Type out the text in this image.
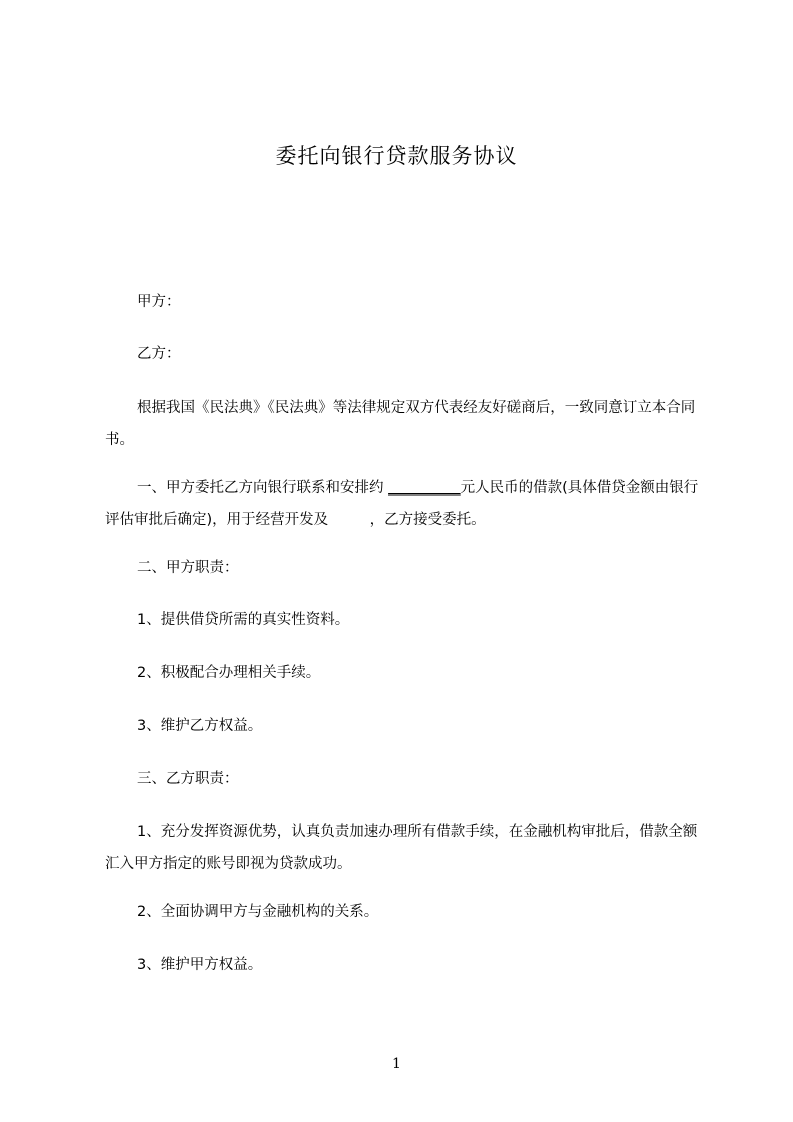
委托向银行贷款服务协议

甲方：

乙方：

根据我国《民法典》《民法典》等法律规定双方代表经友好磋商后，一致同意订立本合同书。

一、甲方委托乙方向银行联系和安排约 __________元人民币的借款(具体借贷金额由银行评估审批后确定)，用于经营开发及	，乙方接受委托。

二、甲方职责：

1、提供借贷所需的真实性资料。

2、积极配合办理相关手续。

3、维护乙方权益。

三、乙方职责：

1、充分发挥资源优势，认真负责加速办理所有借款手续，在金融机构审批后，借款全额汇入甲方指定的账号即视为贷款成功。

2、全面协调甲方与金融机构的关系。

3、维护甲方权益。

1
